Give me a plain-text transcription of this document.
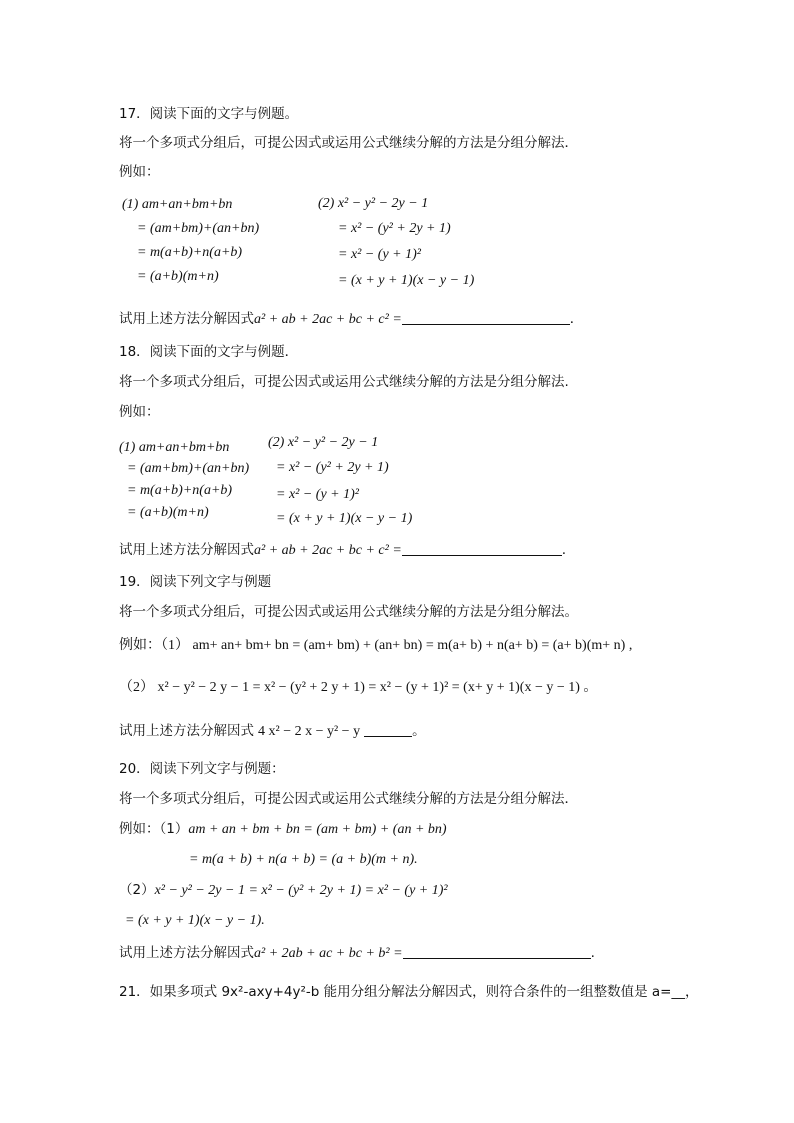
17．阅读下面的文字与例题。
将一个多项式分组后，可提公因式或运用公式继续分解的方法是分组分解法．
例如：
(1) am+an+bm+bn
= (am+bm)+(an+bn)
= m(a+b)+n(a+b)
= (a+b)(m+n)
(2) x² − y² − 2y − 1
= x² − (y² + 2y + 1)
= x² − (y + 1)²
= (x + y + 1)(x − y − 1)
试用上述方法分解因式a² + ab + 2ac + bc + c² =	．
18．阅读下面的文字与例题．
将一个多项式分组后，可提公因式或运用公式继续分解的方法是分组分解法.
例如：
(1) am+an+bm+bn
= (am+bm)+(an+bn)
= m(a+b)+n(a+b)
= (a+b)(m+n)
(2) x² − y² − 2y − 1
= x² − (y² + 2y + 1)
= x² − (y + 1)²
= (x + y + 1)(x − y − 1)
试用上述方法分解因式a² + ab + 2ac + bc + c² =	.
19．阅读下列文字与例题
将一个多项式分组后，可提公因式或运用公式继续分解的方法是分组分解法。
例如：（1） am+ an+ bm+ bn = (am+ bm) + (an+ bn) = m(a+ b) + n(a+ b) = (a+ b)(m+ n) ,
（2） x² − y² − 2 y − 1 = x² − (y² + 2 y + 1) = x² − (y + 1)² = (x+ y + 1)(x − y − 1) 。
试用上述方法分解因式 4 x² − 2 x − y² − y	。
20．阅读下列文字与例题：
将一个多项式分组后，可提公因式或运用公式继续分解的方法是分组分解法．
例如：（1）am + an + bm + bn = (am + bm) + (an + bn)
= m(a + b) + n(a + b) = (a + b)(m + n).
（2）x² − y² − 2y − 1 = x² − (y² + 2y + 1) = x² − (y + 1)²
= (x + y + 1)(x − y − 1).
试用上述方法分解因式a² + 2ab + ac + bc + b² =	.
21．如果多项式 9x²-axy+4y²-b 能用分组分解法分解因式，则符合条件的一组整数值是 a=__，
